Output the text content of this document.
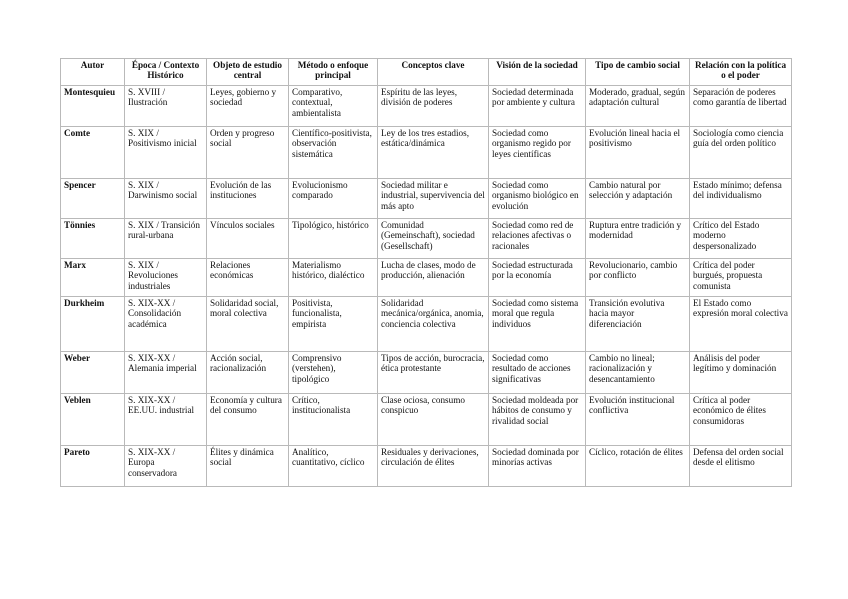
Autor	Época / Contexto Histórico	Objeto de estudio central	Método o enfoque principal	Conceptos clave	Visión de la sociedad	Tipo de cambio social	Relación con la política o el poder
Montesquieu	S. XVIII / Ilustración	Leyes, gobierno y sociedad	Comparativo, contextual, ambientalista	Espíritu de las leyes, división de poderes	Sociedad determinada por ambiente y cultura	Moderado, gradual, según adaptación cultural	Separación de poderes como garantía de libertad
Comte	S. XIX / Positivismo inicial	Orden y progreso social	Científico-positivista, observación sistemática	Ley de los tres estadios, estática/dinámica	Sociedad como organismo regido por leyes científicas	Evolución lineal hacia el positivismo	Sociología como ciencia guía del orden político
Spencer	S. XIX / Darwinismo social	Evolución de las instituciones	Evolucionismo comparado	Sociedad militar e industrial, supervivencia del más apto	Sociedad como organismo biológico en evolución	Cambio natural por selección y adaptación	Estado mínimo; defensa del individualismo
Tönnies	S. XIX / Transición rural-urbana	Vínculos sociales	Tipológico, histórico	Comunidad (Gemeinschaft), sociedad (Gesellschaft)	Sociedad como red de relaciones afectivas o racionales	Ruptura entre tradición y modernidad	Crítico del Estado moderno despersonalizado
Marx	S. XIX / Revoluciones industriales	Relaciones económicas	Materialismo histórico, dialéctico	Lucha de clases, modo de producción, alienación	Sociedad estructurada por la economía	Revolucionario, cambio por conflicto	Crítica del poder burgués, propuesta comunista
Durkheim	S. XIX-XX / Consolidación académica	Solidaridad social, moral colectiva	Positivista, funcionalista, empirista	Solidaridad mecánica/orgánica, anomia, conciencia colectiva	Sociedad como sistema moral que regula individuos	Transición evolutiva hacia mayor diferenciación	El Estado como expresión moral colectiva
Weber	S. XIX-XX / Alemania imperial	Acción social, racionalización	Comprensivo (verstehen), tipológico	Tipos de acción, burocracia, ética protestante	Sociedad como resultado de acciones significativas	Cambio no lineal; racionalización y desencantamiento	Análisis del poder legítimo y dominación
Veblen	S. XIX-XX / EE.UU. industrial	Economía y cultura del consumo	Crítico, institucionalista	Clase ociosa, consumo conspicuo	Sociedad moldeada por hábitos de consumo y rivalidad social	Evolución institucional conflictiva	Crítica al poder económico de élites consumidoras
Pareto	S. XIX-XX / Europa conservadora	Élites y dinámica social	Analítico, cuantitativo, cíclico	Residuales y derivaciones, circulación de élites	Sociedad dominada por minorías activas	Cíclico, rotación de élites	Defensa del orden social desde el elitismo
